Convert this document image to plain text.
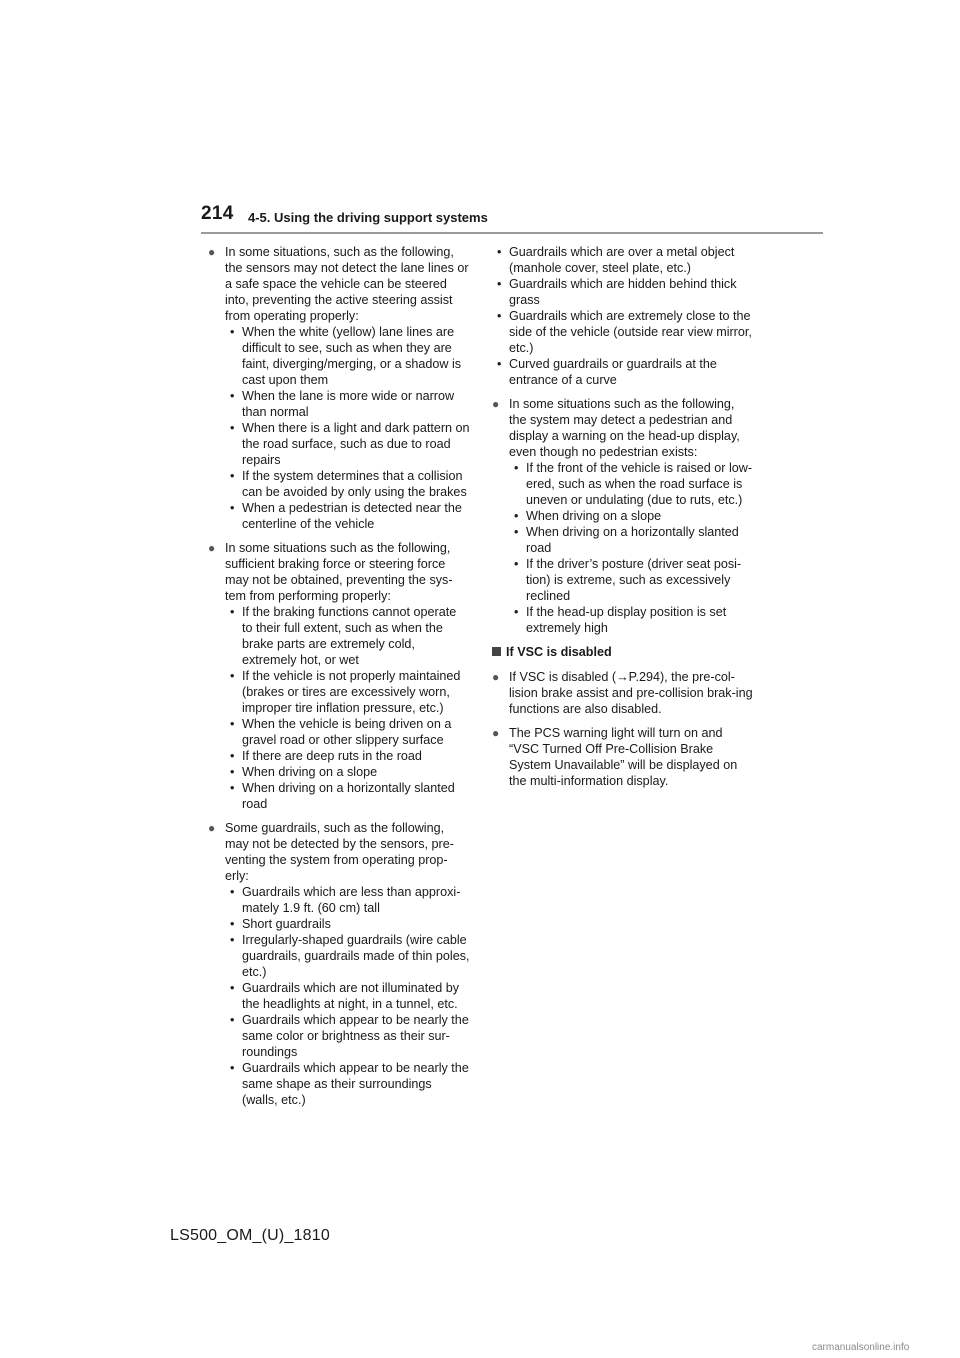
214 4-5. Using the driving support systems
● In some situations, such as the following, the sensors may not detect the lane lines or a safe space the vehicle can be steered into, preventing the active steering assist from operating properly:
• When the white (yellow) lane lines are difficult to see, such as when they are faint, diverging/merging, or a shadow is cast upon them
• When the lane is more wide or narrow than normal
• When there is a light and dark pattern on the road surface, such as due to road repairs
• If the system determines that a collision can be avoided by only using the brakes
• When a pedestrian is detected near the centerline of the vehicle
● In some situations such as the following, sufficient braking force or steering force may not be obtained, preventing the sys-tem from performing properly:
• If the braking functions cannot operate to their full extent, such as when the brake parts are extremely cold, extremely hot, or wet
• If the vehicle is not properly maintained (brakes or tires are excessively worn, improper tire inflation pressure, etc.)
• When the vehicle is being driven on a gravel road or other slippery surface
• If there are deep ruts in the road
• When driving on a slope
• When driving on a horizontally slanted road
● Some guardrails, such as the following, may not be detected by the sensors, pre-venting the system from operating prop-erly:
• Guardrails which are less than approxi-mately 1.9 ft. (60 cm) tall
• Short guardrails
• Irregularly-shaped guardrails (wire cable guardrails, guardrails made of thin poles, etc.)
• Guardrails which are not illuminated by the headlights at night, in a tunnel, etc.
• Guardrails which appear to be nearly the same color or brightness as their sur-roundings
• Guardrails which appear to be nearly the same shape as their surroundings (walls, etc.)
• Guardrails which are over a metal object (manhole cover, steel plate, etc.)
• Guardrails which are hidden behind thick grass
• Guardrails which are extremely close to the side of the vehicle (outside rear view mirror, etc.)
• Curved guardrails or guardrails at the entrance of a curve
● In some situations such as the following, the system may detect a pedestrian and display a warning on the head-up display, even though no pedestrian exists:
• If the front of the vehicle is raised or low-ered, such as when the road surface is uneven or undulating (due to ruts, etc.)
• When driving on a slope
• When driving on a horizontally slanted road
• If the driver’s posture (driver seat posi-tion) is extreme, such as excessively reclined
• If the head-up display position is set extremely high
If VSC is disabled
● If VSC is disabled (→P.294), the pre-col-lision brake assist and pre-collision brak-ing functions are also disabled.
● The PCS warning light will turn on and “VSC Turned Off Pre-Collision Brake System Unavailable” will be displayed on the multi-information display.
LS500_OM_(U)_1810
carmanualsonline.info
